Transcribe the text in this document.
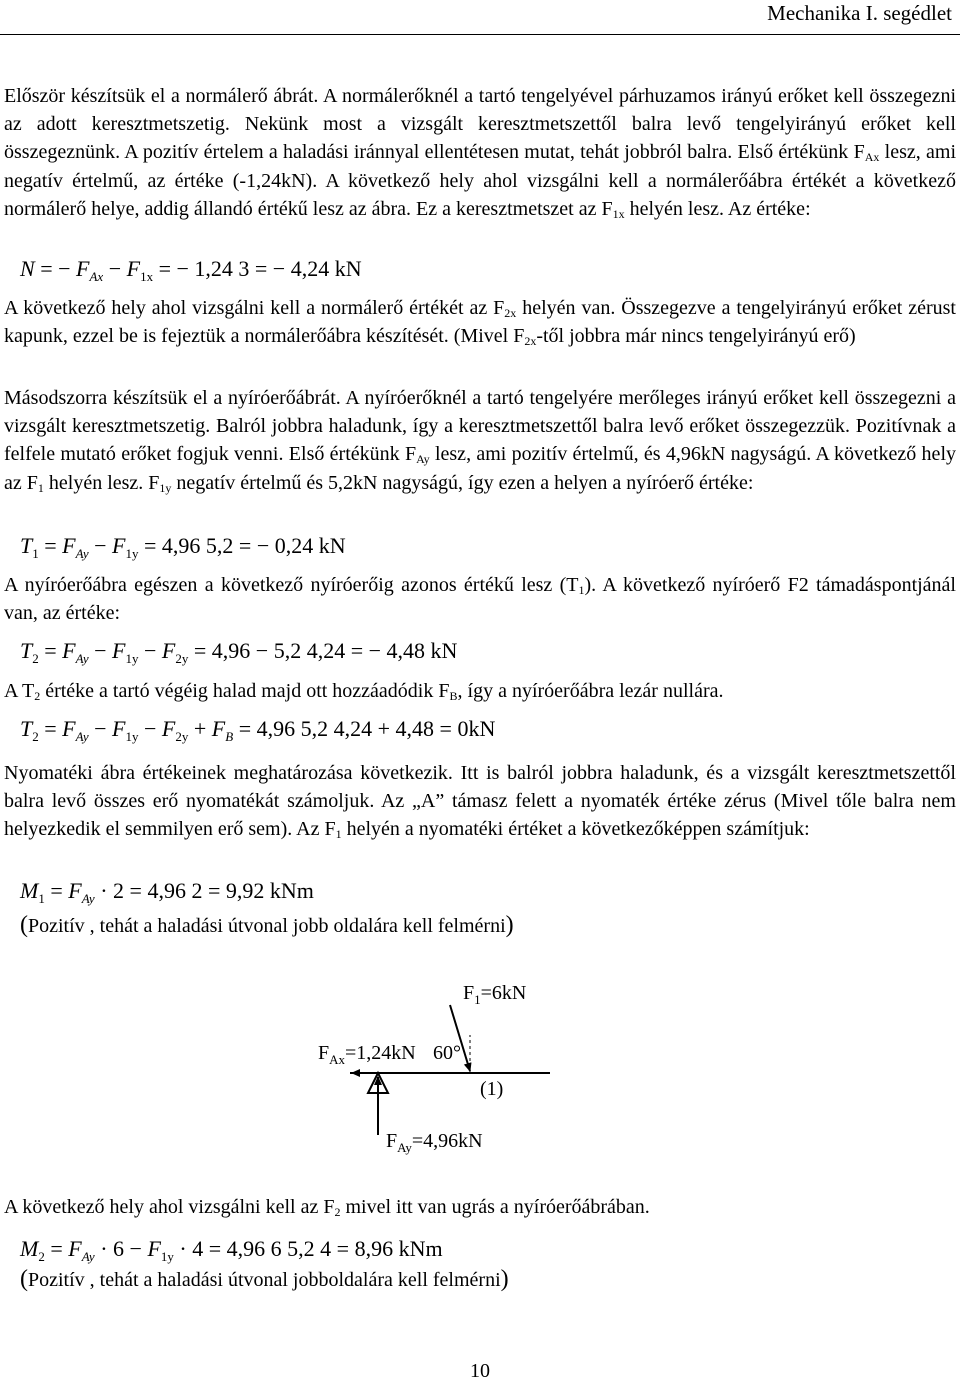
Mechanika I. segédlet
Először készítsük el a normálerő ábrát. A normálerőknél a tartó tengelyével párhuzamos irányú erőket kell összegezni az adott keresztmetszetig. Nekünk most a vizsgált keresztmetszettől balra levő tengelyirányú erőket kell összegeznünk. A pozitív értelem a haladási iránnyal ellentétesen mutat, tehát jobbról balra. Első értékünk $F_{Ax}$ lesz, ami negatív értelmű, az értéke (-1,24kN). A következő hely ahol vizsgálni kell a normálerőábra értékét a következő normálerő helye, addig állandó értékű lesz az ábra. Ez a keresztmetszet az $F_{1x}$ helyén lesz. Az értéke:
N = − $F_{Ax} - F_{1x}$ = − 1,24 3 = − 4,24 kN
A következő hely ahol vizsgálni kell a normálerő értékét az $F_{2x}$ helyén van. Összegezve a tengelyirányú erőket zérust kapunk, ezzel be is fejeztük a normálerőábra készítését. (Mivel $F_{2x}$-től jobbra már nincs tengelyirányú erő)
Másodszorra készítsük el a nyíróerőábrát. A nyíróerőknél a tartó tengelyére merőleges irányú erőket kell összegezni a vizsgált keresztmetszetig. Balról jobbra haladunk, így a keresztmetszettől balra levő erőket összegezzük. Pozitívnak a felfele mutató erőket fogjuk venni. Első értékünk $F_{Ay}$ lesz, ami pozitív értelmű, és 4,96kN nagyságú. A következő hely az $F_1$ helyén lesz. $F_{1y}$ negatív értelmű és 5,2kN nagyságú, így ezen a helyen a nyíróerő értéke:
$T_1 = F_{Ay} - F_{1y} = 4,96$ 5,2 = − 0,24 kN
A nyíróerőábra egészen a következő nyíróerőig azonos értékű lesz $(T_1)$. A következő nyíróerő F2 támadáspontjánál van, az értéke:
$T_2 = F_{Ay} - F_{1y} - F_{2y} = 4,96 - 5,2$ 4,24 = − 4,48 kN
A $T_2$ értéke a tartó végéig halad majd ott hozzáadódik $F_B$, így a nyíróerőábra lezár nullára.
$T_2 = F_{Ay} - F_{1y} - F_{2y} + F_B = 4,96$ 5,2 4,24 + 4,48 = 0kN
Nyomatéki ábra értékeinek meghatározása következik. Itt is balról jobbra haladunk, és a vizsgált keresztmetszettől balra levő összes erő nyomatékát számoljuk. Az „A” támasz felett a nyomaték értéke zérus (Mivel tőle balra nem helyezkedik el semmilyen erő sem). Az $F_1$ helyén a nyomatéki értéket a következőképpen számítjuk:
$M_1 = F_{Ay} \cdot 2 = 4,96$ 2 = 9,92 kNm
(Pozitív , tehát a haladási útvonal jobb oldalára kell felmérni)
$F_1=6kN$
$F_{Ax}=1,24kN$ 60°
(1)
$F_{Ay}=4,96kN$
A következő hely ahol vizsgálni kell az $F_2$ mivel itt van ugrás a nyíróerőábrában.
$M_2 = F_{Ay} \cdot 6 - F_{1y} \cdot 4 = 4,96$ 6 5,2 4 = 8,96 kNm
(Pozitív , tehát a haladási útvonal jobboldalára kell felmérni)
10
